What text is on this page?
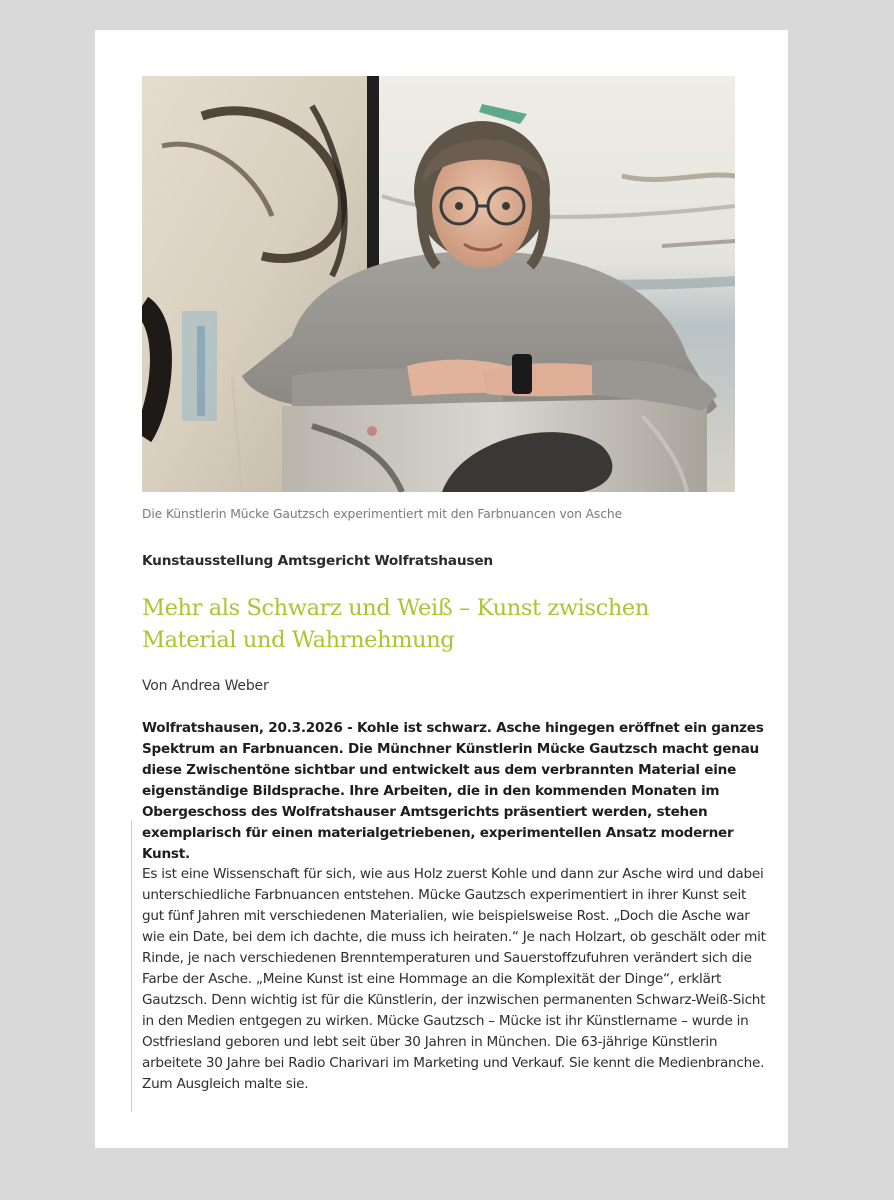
Die Künstlerin Mücke Gautzsch experimentiert mit den Farbnuancen von Asche
Kunstausstellung Amtsgericht Wolfratshausen
Mehr als Schwarz und Weiß – Kunst zwischen Material und Wahrnehmung
Von Andrea Weber

Wolfratshausen, 20.3.2026 - Kohle ist schwarz. Asche hingegen eröffnet ein ganzes Spektrum an Farbnuancen. Die Münchner Künstlerin Mücke Gautzsch macht genau diese Zwischentöne sichtbar und entwickelt aus dem verbrannten Material eine eigenständige Bildsprache. Ihre Arbeiten, die in den kommenden Monaten im Obergeschoss des Wolfratshauser Amtsgerichts präsentiert werden, stehen exemplarisch für einen materialgetriebenen, experimentellen Ansatz moderner Kunst.

Es ist eine Wissenschaft für sich, wie aus Holz zuerst Kohle und dann zur Asche wird und dabei unterschiedliche Farbnuancen entstehen. Mücke Gautzsch experimentiert in ihrer Kunst seit gut fünf Jahren mit verschiedenen Materialien, wie beispielsweise Rost. „Doch die Asche war wie ein Date, bei dem ich dachte, die muss ich heiraten.“ Je nach Holzart, ob geschält oder mit Rinde, je nach verschiedenen Brenntemperaturen und Sauerstoffzufuhren verändert sich die Farbe der Asche. „Meine Kunst ist eine Hommage an die Komplexität der Dinge“, erklärt Gautzsch. Denn wichtig ist für die Künstlerin, der inzwischen permanenten Schwarz-Weiß-Sicht in den Medien entgegen zu wirken. Mücke Gautzsch – Mücke ist ihr Künstlername – wurde in Ostfriesland geboren und lebt seit über 30 Jahren in München. Die 63-jährige Künstlerin arbeitete 30 Jahre bei Radio Charivari im Marketing und Verkauf. Sie kennt die Medienbranche. Zum Ausgleich malte sie.
